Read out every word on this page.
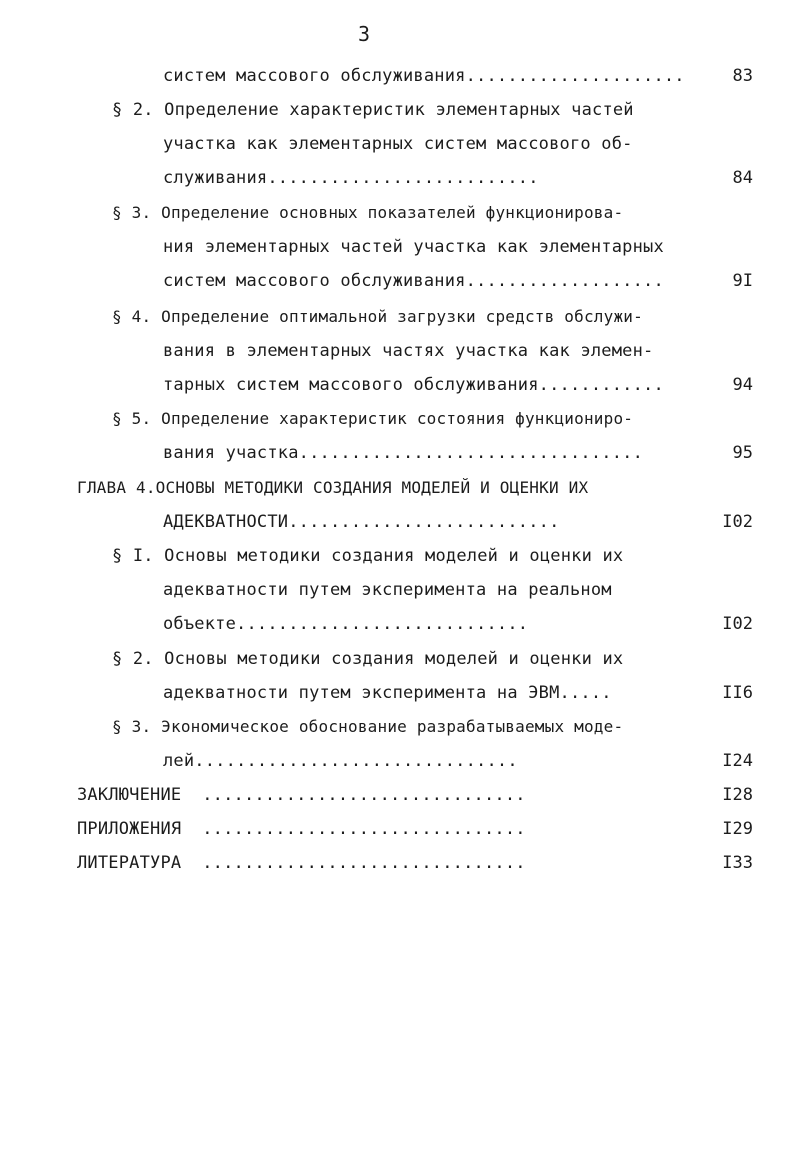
3
систем массового обслуживания.....................
§ 2. Определение характеристик элементарных частей
участка как элементарных систем массового об-
служивания..........................
§ 3. Определение основных показателей функционирова-
ния элементарных частей участка как элементарных
систем массового обслуживания...................
§ 4. Определение оптимальной загрузки средств обслужи-
вания в элементарных частях участка как элемен-
тарных систем массового обслуживания............
§ 5. Определение характеристик состояния функциониро-
вания участка.................................
ГЛАВА 4.ОСНОВЫ МЕТОДИКИ СОЗДАНИЯ МОДЕЛЕЙ И ОЦЕНКИ ИХ
АДЕКВАТНОСТИ..........................
§ I. Основы методики создания моделей и оценки их
адекватности путем эксперимента на реальном
объекте............................
§ 2. Основы методики создания моделей и оценки их
адекватности путем эксперимента на ЭВМ.....
§ 3. Экономическое обоснование разрабатываемых моде-
лей...............................
ЗАКЛЮЧЕНИЕ  ...............................
ПРИЛОЖЕНИЯ  ...............................
ЛИТЕРАТУРА  ...............................
83
84
9I
94
95
I02
I02
II6
I24
I28
I29
I33
